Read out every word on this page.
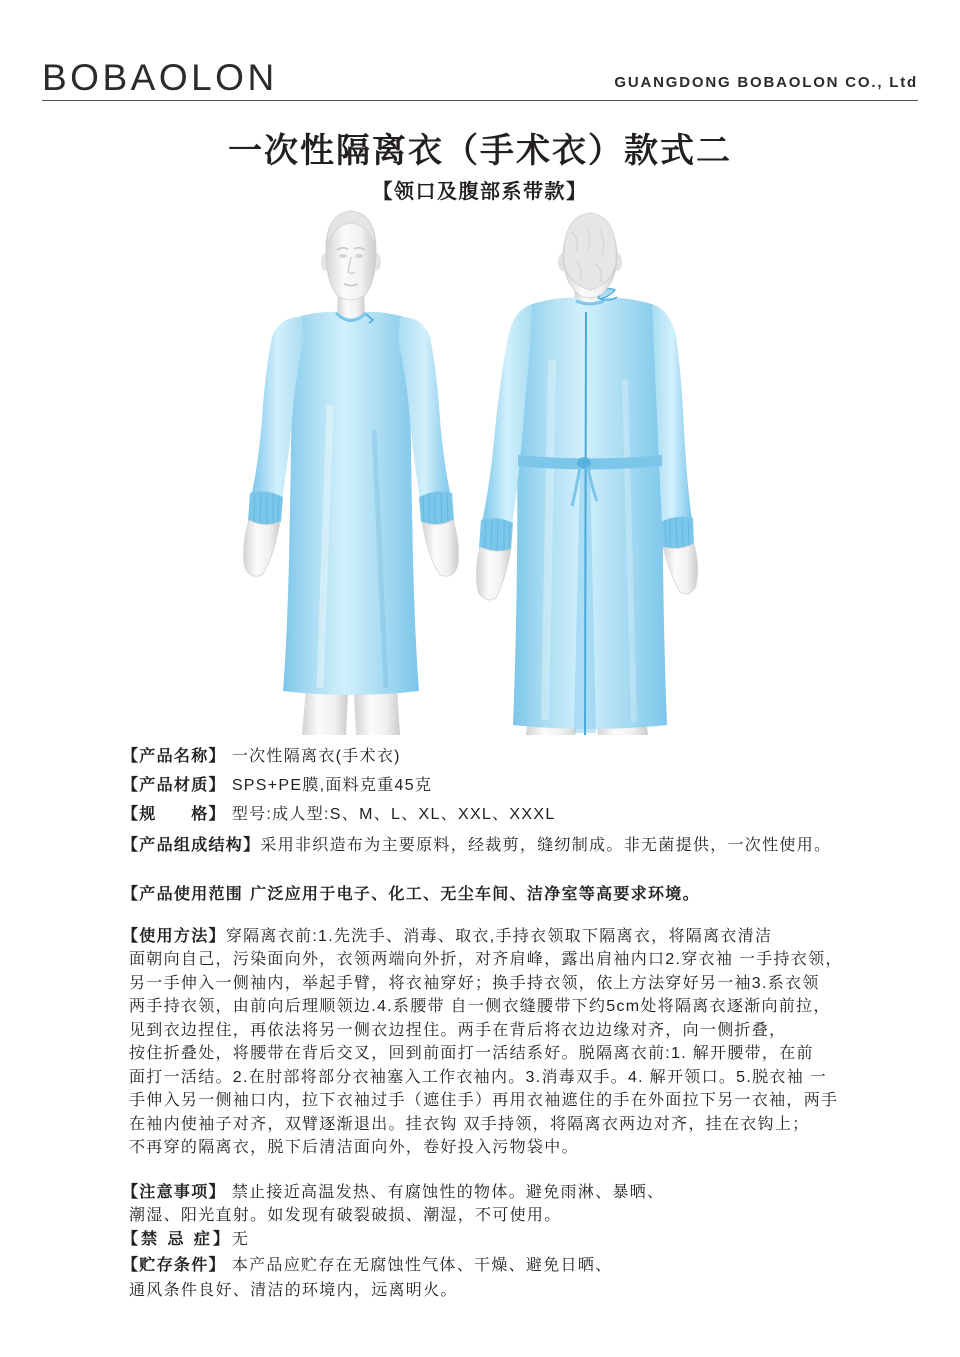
BOBAOLON	GUANGDONG BOBAOLON CO., Ltd
一次性隔离衣（手术衣）款式二
【领口及腹部系带款】
【产品名称】 一次性隔离衣(手术衣)
【产品材质】 SPS+PE膜,面料克重45克
【规　　格】 型号:成人型:S、M、L、XL、XXL、XXXL
【产品组成结构】采用非织造布为主要原料，经裁剪，缝纫制成。非无菌提供，一次性使用。
【产品使用范围 广泛应用于电子、化工、无尘车间、洁净室等高要求环境。
【使用方法】穿隔离衣前:1.先洗手、消毒、取衣,手持衣领取下隔离衣，将隔离衣清洁
面朝向自己，污染面向外，衣领两端向外折，对齐肩峰，露出肩袖内口2.穿衣袖 一手持衣领，
另一手伸入一侧袖内，举起手臂，将衣袖穿好；换手持衣领，依上方法穿好另一袖3.系衣领
两手持衣领，由前向后理顺领边.4.系腰带 自一侧衣缝腰带下约5cm处将隔离衣逐渐向前拉，
见到衣边捏住，再依法将另一侧衣边捏住。两手在背后将衣边边缘对齐，向一侧折叠，
按住折叠处，将腰带在背后交叉，回到前面打一活结系好。脱隔离衣前:1. 解开腰带，在前
面打一活结。2.在肘部将部分衣袖塞入工作衣袖内。3.消毒双手。4. 解开领口。5.脱衣袖 一
手伸入另一侧袖口内，拉下衣袖过手（遮住手）再用衣袖遮住的手在外面拉下另一衣袖，两手
在袖内使袖子对齐，双臂逐渐退出。挂衣钩 双手持领，将隔离衣两边对齐，挂在衣钩上；
不再穿的隔离衣，脱下后清洁面向外，卷好投入污物袋中。
【注意事项】 禁止接近高温发热、有腐蚀性的物体。避免雨淋、暴晒、
潮湿、阳光直射。如发现有破裂破损、潮湿，不可使用。
【禁 忌 症】无
【贮存条件】 本产品应贮存在无腐蚀性气体、干燥、避免日晒、
通风条件良好、清洁的环境内，远离明火。
